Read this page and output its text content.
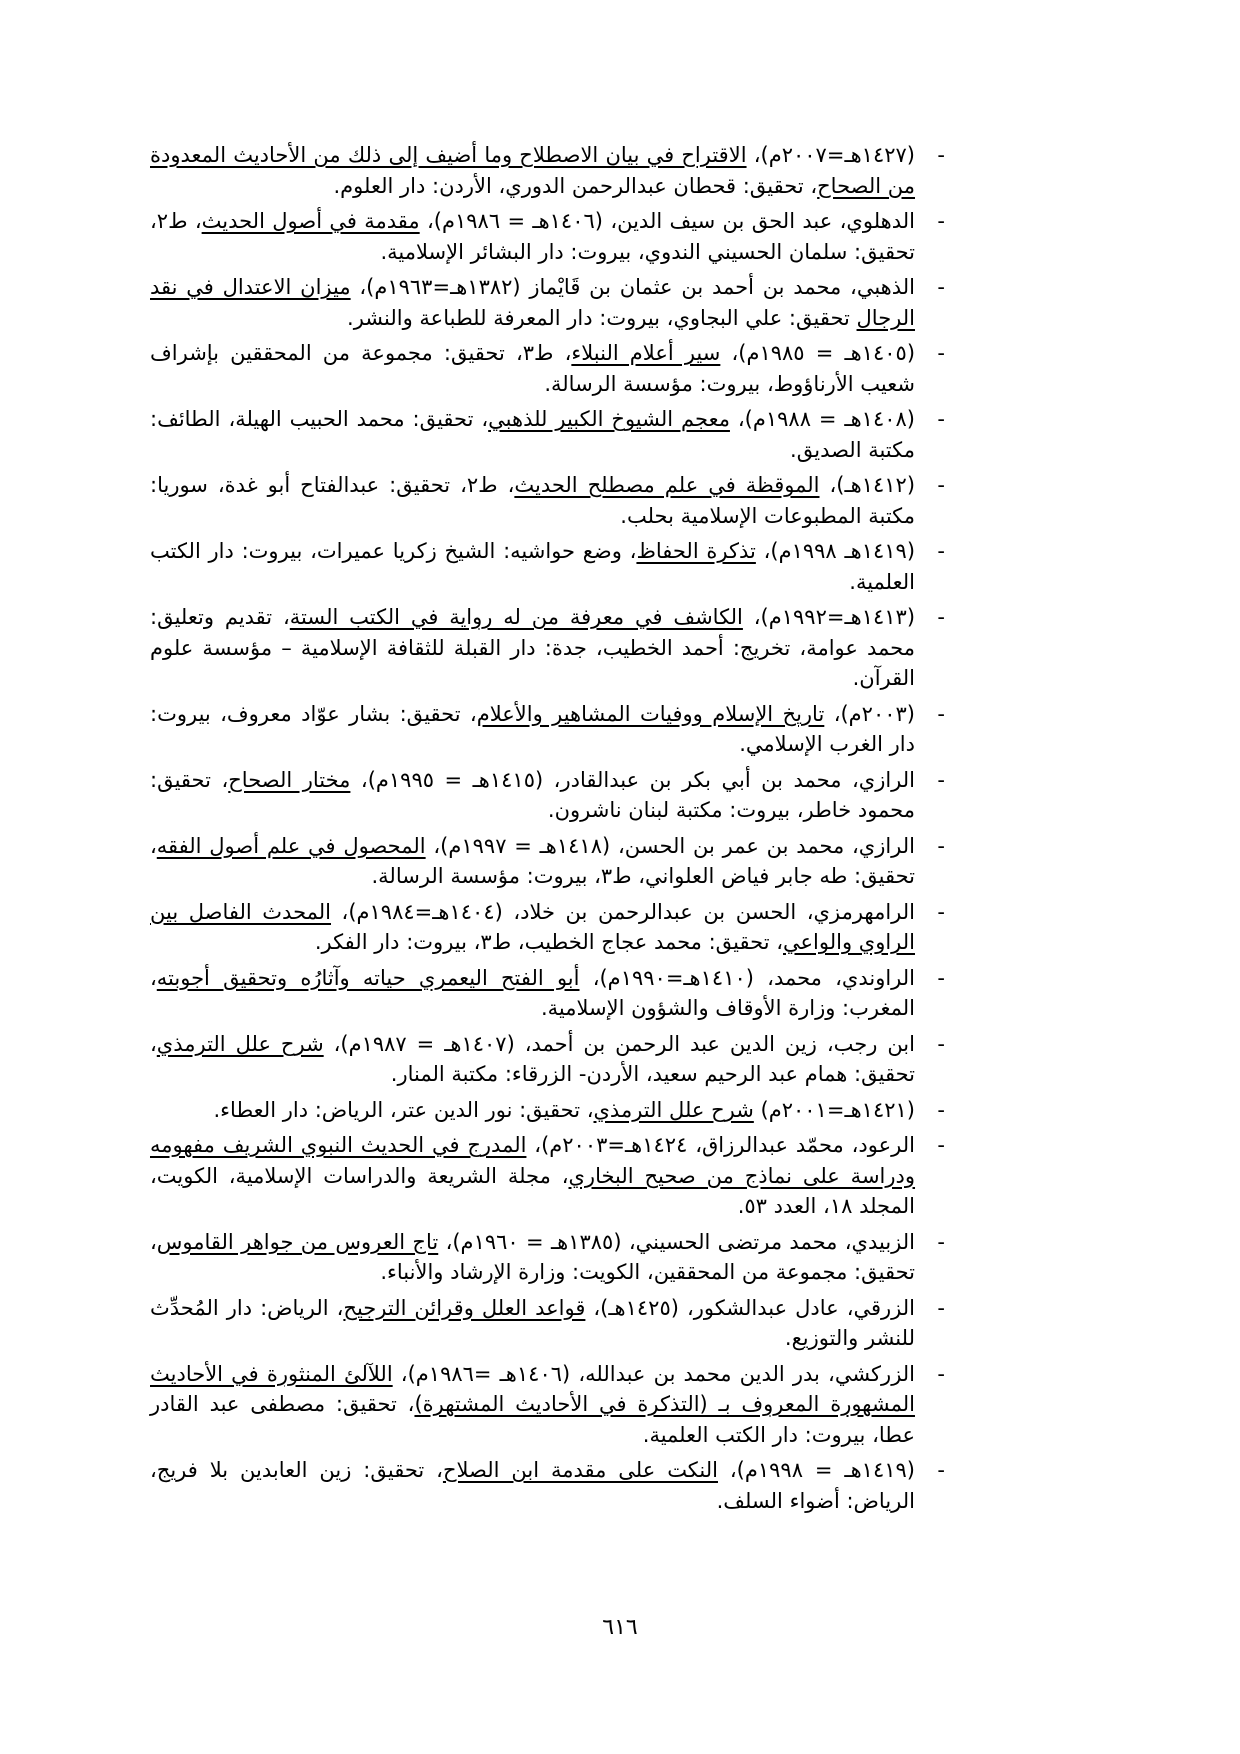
-
(١٤٢٧هـ=٢٠٠٧م)، الاقتراح في بيان الاصطلاح وما أضيف إلى ذلك من الأحاديث المعدودة من الصحاح، تحقيق: قحطان عبدالرحمن الدوري، الأردن: دار العلوم.

-
الدهلوي، عبد الحق بن سيف الدين، (١٤٠٦هـ = ١٩٨٦م)، مقدمة في أصول الحديث، ط٢، تحقيق: سلمان الحسيني الندوي، بيروت: دار البشائر الإسلامية.

-
الذهبي، محمد بن أحمد بن عثمان بن قَايْماز (١٣٨٢هـ=١٩٦٣م)، ميزان الاعتدال في نقد الرجال تحقيق: علي البجاوي، بيروت: دار المعرفة للطباعة والنشر.

-
(١٤٠٥هـ = ١٩٨٥م)، سير أعلام النبلاء، ط٣، تحقيق: مجموعة من المحققين بإشراف شعيب الأرناؤوط، بيروت: مؤسسة الرسالة.

-
(١٤٠٨هـ = ١٩٨٨م)، معجم الشيوخ الكبير للذهبي، تحقيق: محمد الحبيب الهيلة، الطائف: مكتبة الصديق.

-
(١٤١٢هـ)، الموقظة في علم مصطلح الحديث، ط٢، تحقيق: عبدالفتاح أبو غدة، سوريا: مكتبة المطبوعات الإسلامية بحلب.

-
(١٤١٩هـ ١٩٩٨م)، تذكرة الحفاظ، وضع حواشيه: الشيخ زكريا عميرات، بيروت: دار الكتب العلمية.

-
(١٤١٣هـ=١٩٩٢م)، الكاشف في معرفة من له رواية في الكتب الستة، تقديم وتعليق: محمد عوامة، تخريج: أحمد الخطيب، جدة: دار القبلة للثقافة الإسلامية – مؤسسة علوم القرآن.

-
(٢٠٠٣م)، تاريخ الإسلام ووفيات المشاهير والأعلام، تحقيق: بشار عوّاد معروف، بيروت: دار الغرب الإسلامي.

-
الرازي، محمد بن أبي بكر بن عبدالقادر، (١٤١٥هـ = ١٩٩٥م)، مختار الصحاح، تحقيق: محمود خاطر، بيروت: مكتبة لبنان ناشرون.

-
الرازي، محمد بن عمر بن الحسن، (١٤١٨هـ = ١٩٩٧م)، المحصول في علم أصول الفقه، تحقيق: طه جابر فياض العلواني، ط٣، بيروت: مؤسسة الرسالة.

-
الرامهرمزي، الحسن بن عبدالرحمن بن خلاد، (١٤٠٤هـ=١٩٨٤م)، المحدث الفاصل بين الراوي والواعي، تحقيق: محمد عجاج الخطيب، ط٣، بيروت: دار الفكر.

-
الراوندي، محمد، (١٤١٠هـ=١٩٩٠م)، أبو الفتح اليعمري حياته وآثارُه وتحقيق أجوبته، المغرب: وزارة الأوقاف والشؤون الإسلامية.

-
ابن رجب، زين الدين عبد الرحمن بن أحمد، (١٤٠٧هـ = ١٩٨٧م)، شرح علل الترمذي، تحقيق: همام عبد الرحيم سعيد، الأردن- الزرقاء: مكتبة المنار.

-
(١٤٢١هـ=٢٠٠١م) شرح علل الترمذي، تحقيق: نور الدين عتر، الرياض: دار العطاء.

-
الرعود، محمّد عبدالرزاق، ١٤٢٤هـ=٢٠٠٣م)، المدرج في الحديث النبوي الشريف مفهومه ودراسة على نماذج من صحيح البخاري، مجلة الشريعة والدراسات الإسلامية، الكويت، المجلد ١٨، العدد ٥٣.

-
الزبيدي، محمد مرتضى الحسيني، (١٣٨٥هـ = ١٩٦٠م)، تاج العروس من جواهر القاموس، تحقيق: مجموعة من المحققين، الكويت: وزارة الإرشاد والأنباء.

-
الزرقي، عادل عبدالشكور، (١٤٢٥هـ)، قواعد العلل وقرائن الترجيح، الرياض: دار المُحدِّث للنشر والتوزيع.

-
الزركشي، بدر الدين محمد بن عبدالله، (١٤٠٦هـ =١٩٨٦م)، اللآلئ المنثورة في الأحاديث المشهورة المعروف بـ (التذكرة في الأحاديث المشتهرة)، تحقيق: مصطفى عبد القادر عطا، بيروت: دار الكتب العلمية.

-
(١٤١٩هـ = ١٩٩٨م)، النكت على مقدمة ابن الصلاح، تحقيق: زين العابدين بلا فريج، الرياض: أضواء السلف.

٦١٦
